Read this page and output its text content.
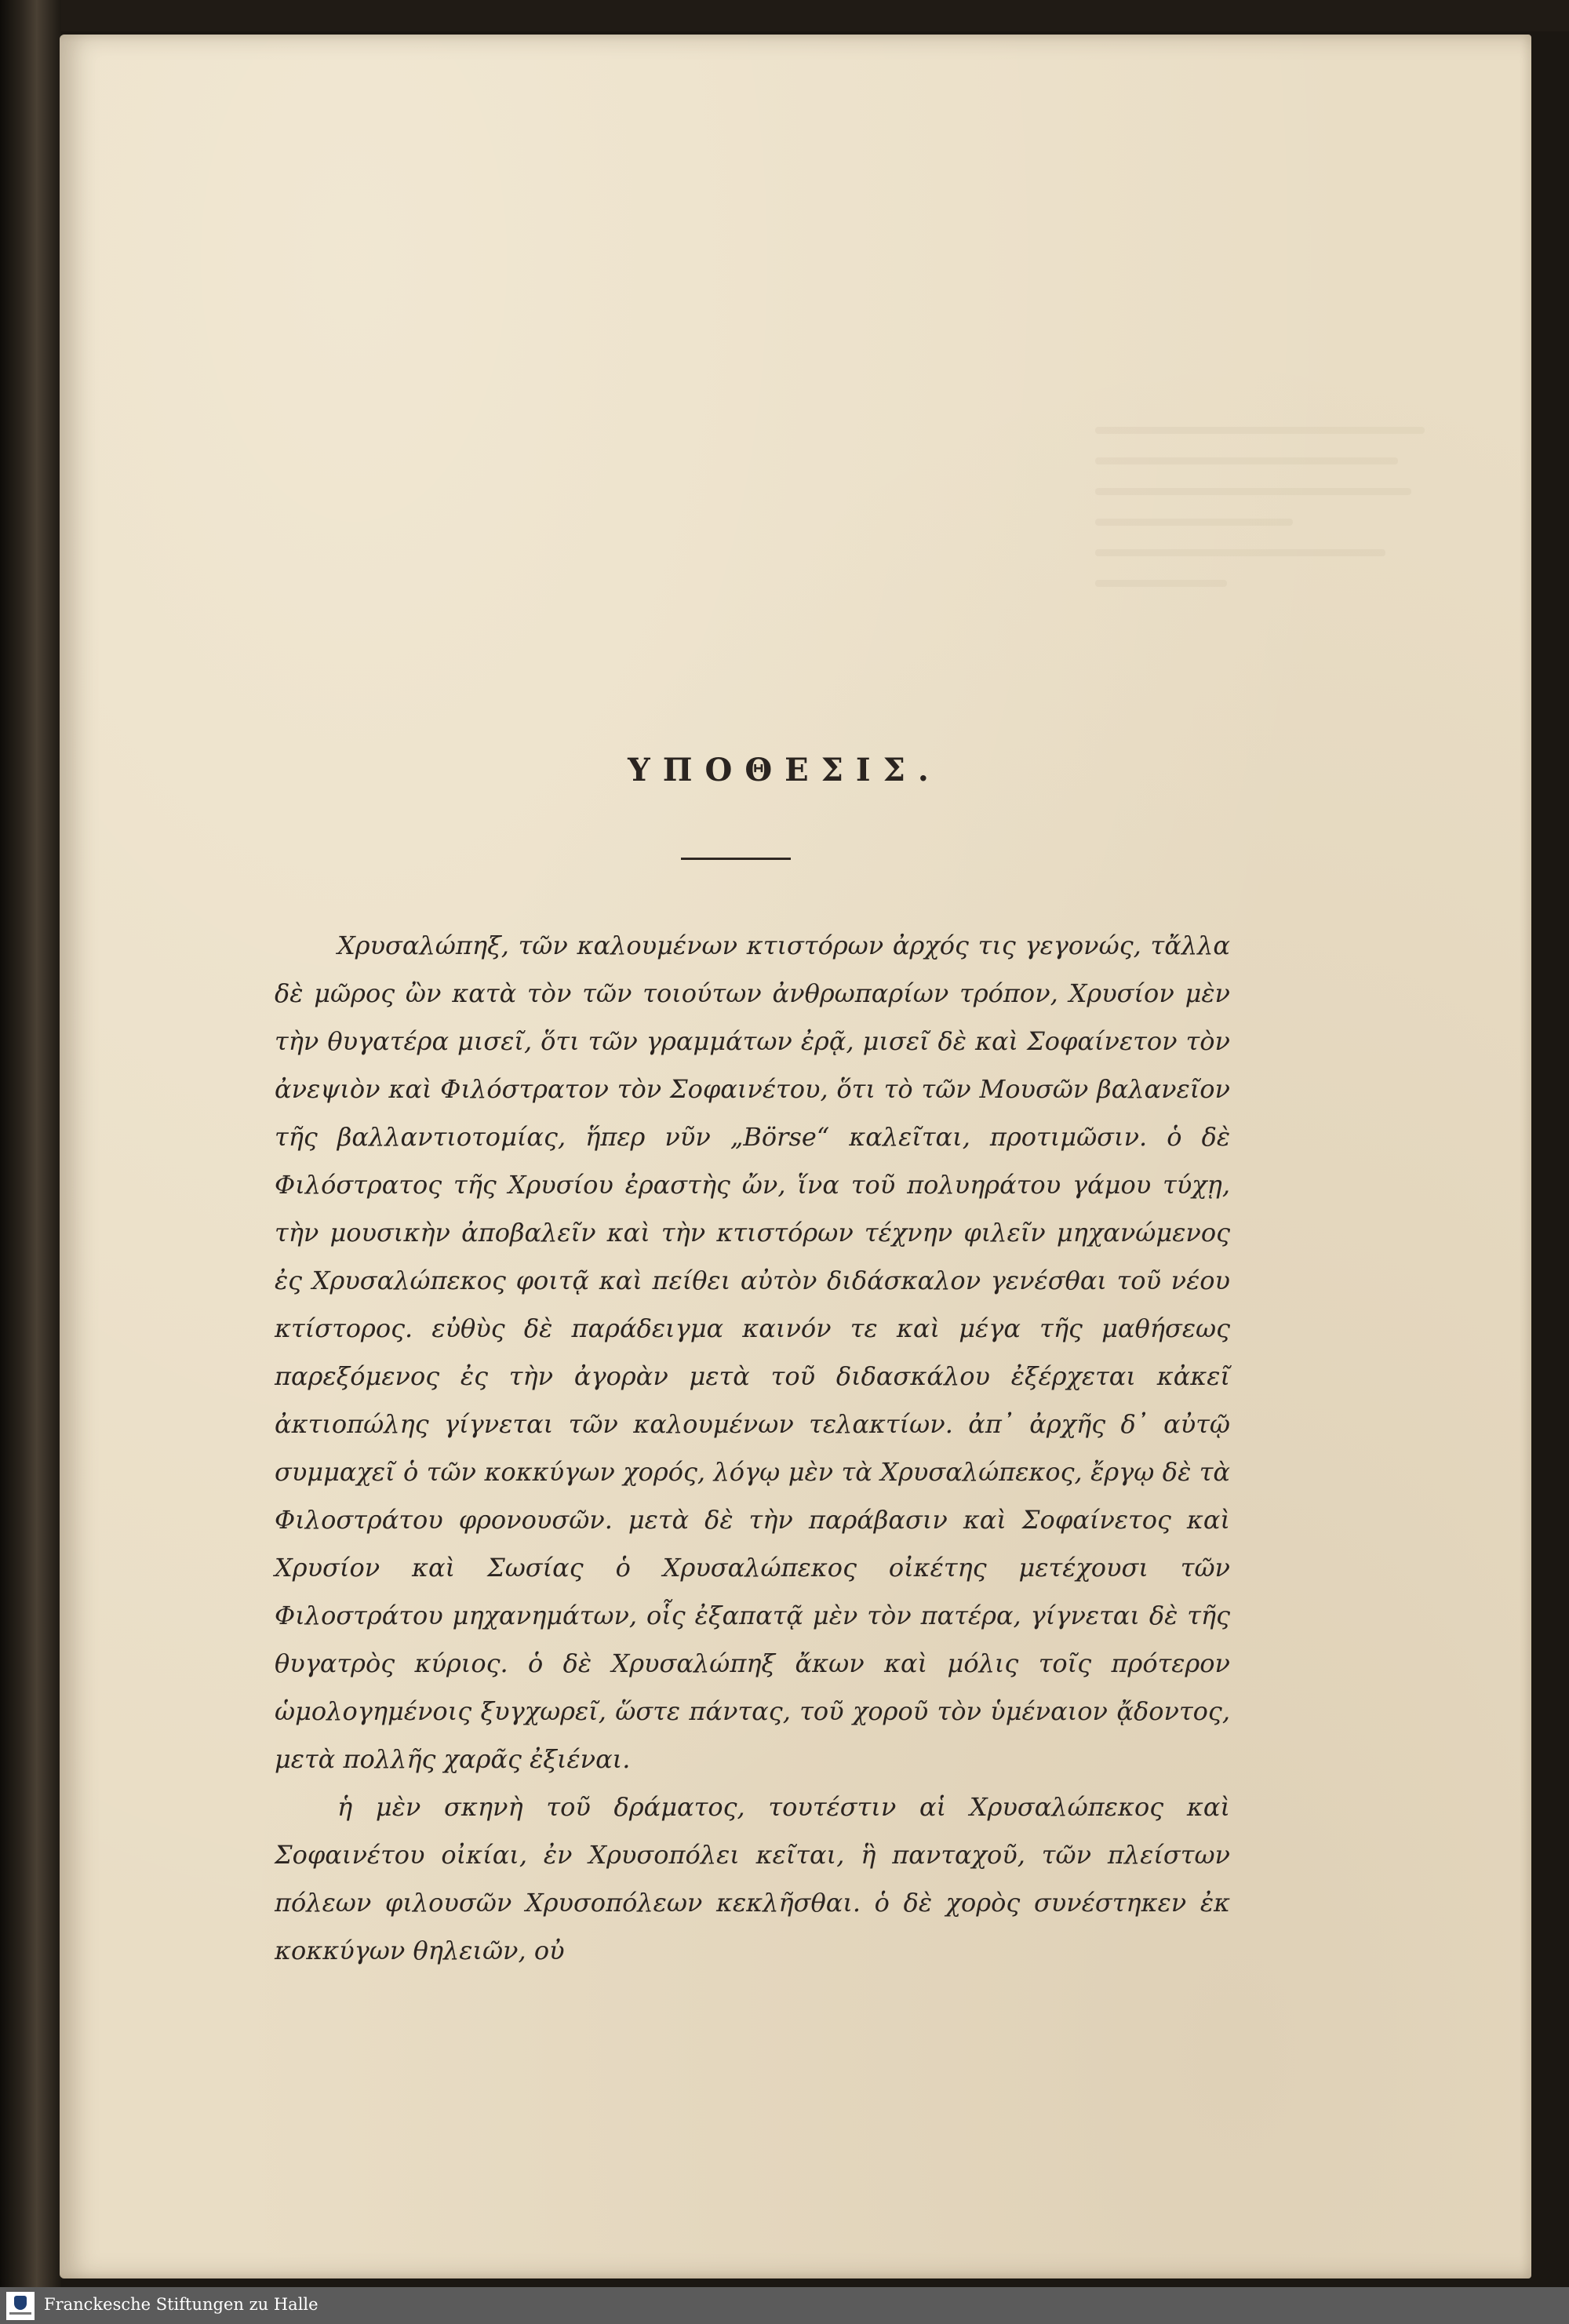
ΥΠΟΘΕΣΙΣ.

Χρυσαλώπηξ, τῶν καλουμένων κτιστόρων ἀρχός τις γεγονώς, τἄλλα δὲ μῶρος ὢν κατὰ τὸν τῶν τοιούτων ἀνθρωπαρίων τρόπον, Χρυσίον μὲν τὴν θυγατέρα μισεῖ, ὅτι τῶν γραμμάτων ἐρᾷ, μισεῖ δὲ καὶ Σοφαίνετον τὸν ἀνεψιὸν καὶ Φιλόστρατον τὸν Σοφαινέτου, ὅτι τὸ τῶν Μουσῶν βαλανεῖον τῆς βαλλαντιοτομίας, ἥπερ νῦν „Börse“ καλεῖται, προτιμῶσιν. ὁ δὲ Φιλόστρατος τῆς Χρυσίου ἐραστὴς ὤν, ἵνα τοῦ πολυηράτου γάμου τύχῃ, τὴν μουσικὴν ἀποβαλεῖν καὶ τὴν κτιστόρων τέχνην φιλεῖν μηχανώμενος ἐς Χρυσαλώπεκος φοιτᾷ καὶ πείθει αὐτὸν διδάσκαλον γενέσθαι τοῦ νέου κτίστορος. εὐθὺς δὲ παράδειγμα καινόν τε καὶ μέγα τῆς μαθήσεως παρεξόμενος ἐς τὴν ἀγορὰν μετὰ τοῦ διδασκάλου ἐξέρχεται κἀκεῖ ἀκτιοπώλης γίγνεται τῶν καλουμένων τελακτίων. ἀπ᾽ ἀρχῆς δ᾽ αὐτῷ συμμαχεῖ ὁ τῶν κοκκύγων χορός, λόγῳ μὲν τὰ Χρυσαλώπεκος, ἔργῳ δὲ τὰ Φιλοστράτου φρονουσῶν. μετὰ δὲ τὴν παράβασιν καὶ Σοφαίνετος καὶ Χρυσίον καὶ Σωσίας ὁ Χρυσαλώπεκος οἰκέτης μετέχουσι τῶν Φιλοστράτου μηχανημάτων, οἷς ἐξαπατᾷ μὲν τὸν πατέρα, γίγνεται δὲ τῆς θυγατρὸς κύριος. ὁ δὲ Χρυσαλώπηξ ἄκων καὶ μόλις τοῖς πρότερον ὡμολογημένοις ξυγχωρεῖ, ὥστε πάντας, τοῦ χοροῦ τὸν ὑμέναιον ᾄδοντος, μετὰ πολλῆς χαρᾶς ἐξιέναι.

ἡ μὲν σκηνὴ τοῦ δράματος, τουτέστιν αἱ Χρυσαλώπεκος καὶ Σοφαινέτου οἰκίαι, ἐν Χρυσοπόλει κεῖται, ἣ πανταχοῦ, τῶν πλείστων πόλεων φιλουσῶν Χρυσοπόλεων κεκλῆσθαι. ὁ δὲ χορὸς συνέστηκεν ἐκ κοκκύγων θηλειῶν, οὐ

Franckesche Stiftungen zu Halle
